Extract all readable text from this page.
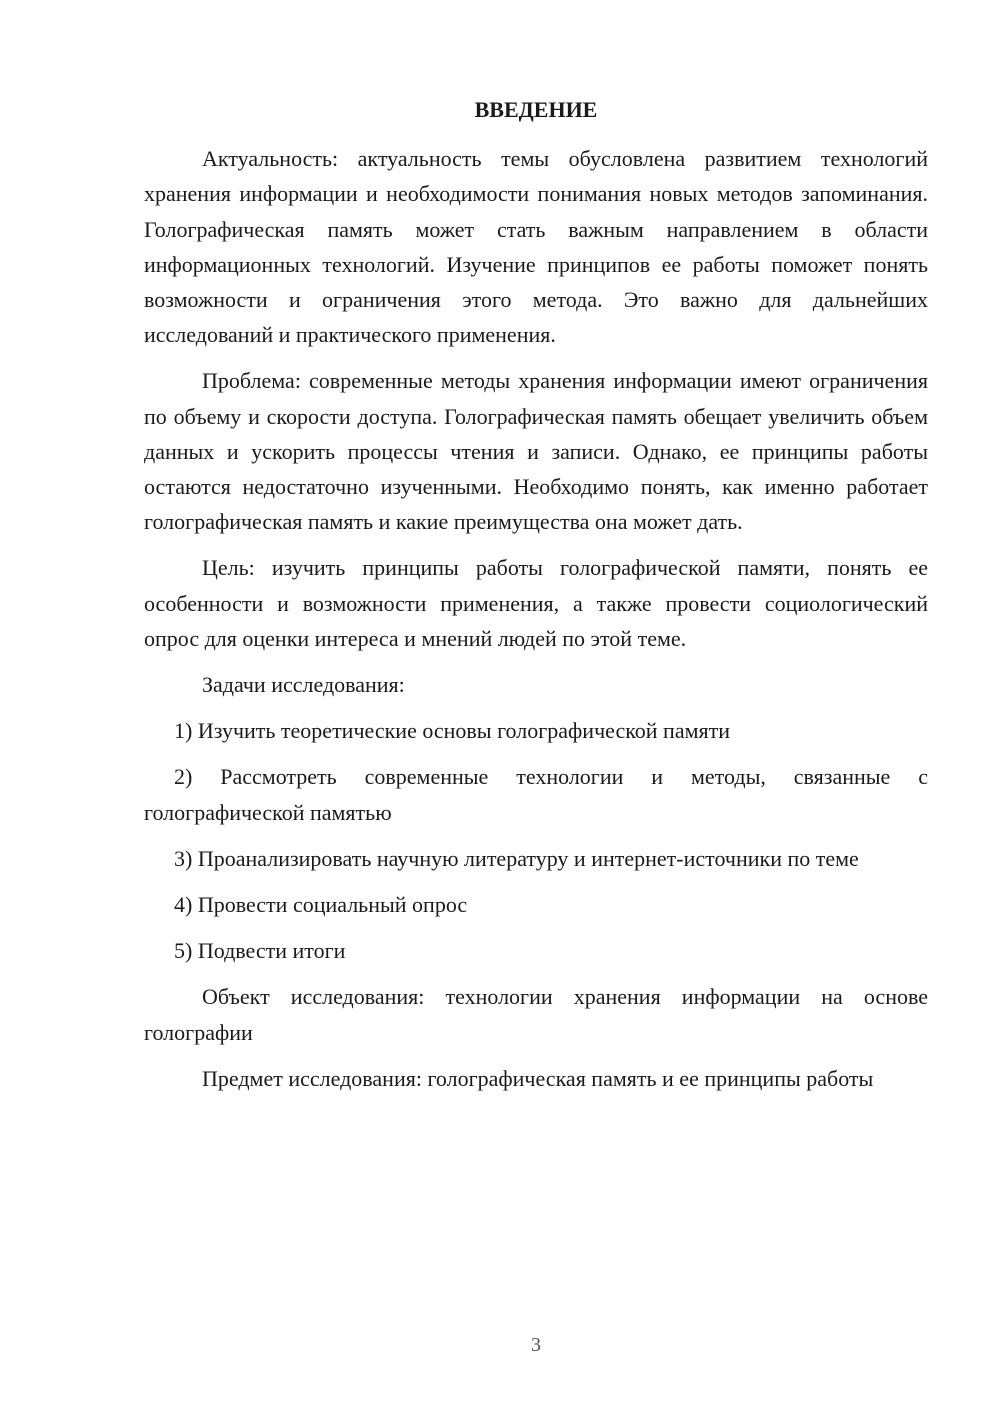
ВВЕДЕНИЕ

Актуальность: актуальность темы обусловлена развитием технологий хранения информации и необходимости понимания новых методов запоминания. Голографическая память может стать важным направлением в области информационных технологий. Изучение принципов ее работы поможет понять возможности и ограничения этого метода. Это важно для дальнейших исследований и практического применения.

Проблема: современные методы хранения информации имеют ограничения по объему и скорости доступа. Голографическая память обещает увеличить объем данных и ускорить процессы чтения и записи. Однако, ее принципы работы остаются недостаточно изученными. Необходимо понять, как именно работает голографическая память и какие преимущества она может дать.

Цель: изучить принципы работы голографической памяти, понять ее особенности и возможности применения, а также провести социологический опрос для оценки интереса и мнений людей по этой теме.

Задачи исследования:

1) Изучить теоретические основы голографической памяти

2) Рассмотреть современные технологии и методы, связанные с голографической памятью

3) Проанализировать научную литературу и интернет-источники по теме

4) Провести социальный опрос

5) Подвести итоги

Объект исследования: технологии хранения информации на основе голографии

Предмет исследования: голографическая память и ее принципы работы

3
